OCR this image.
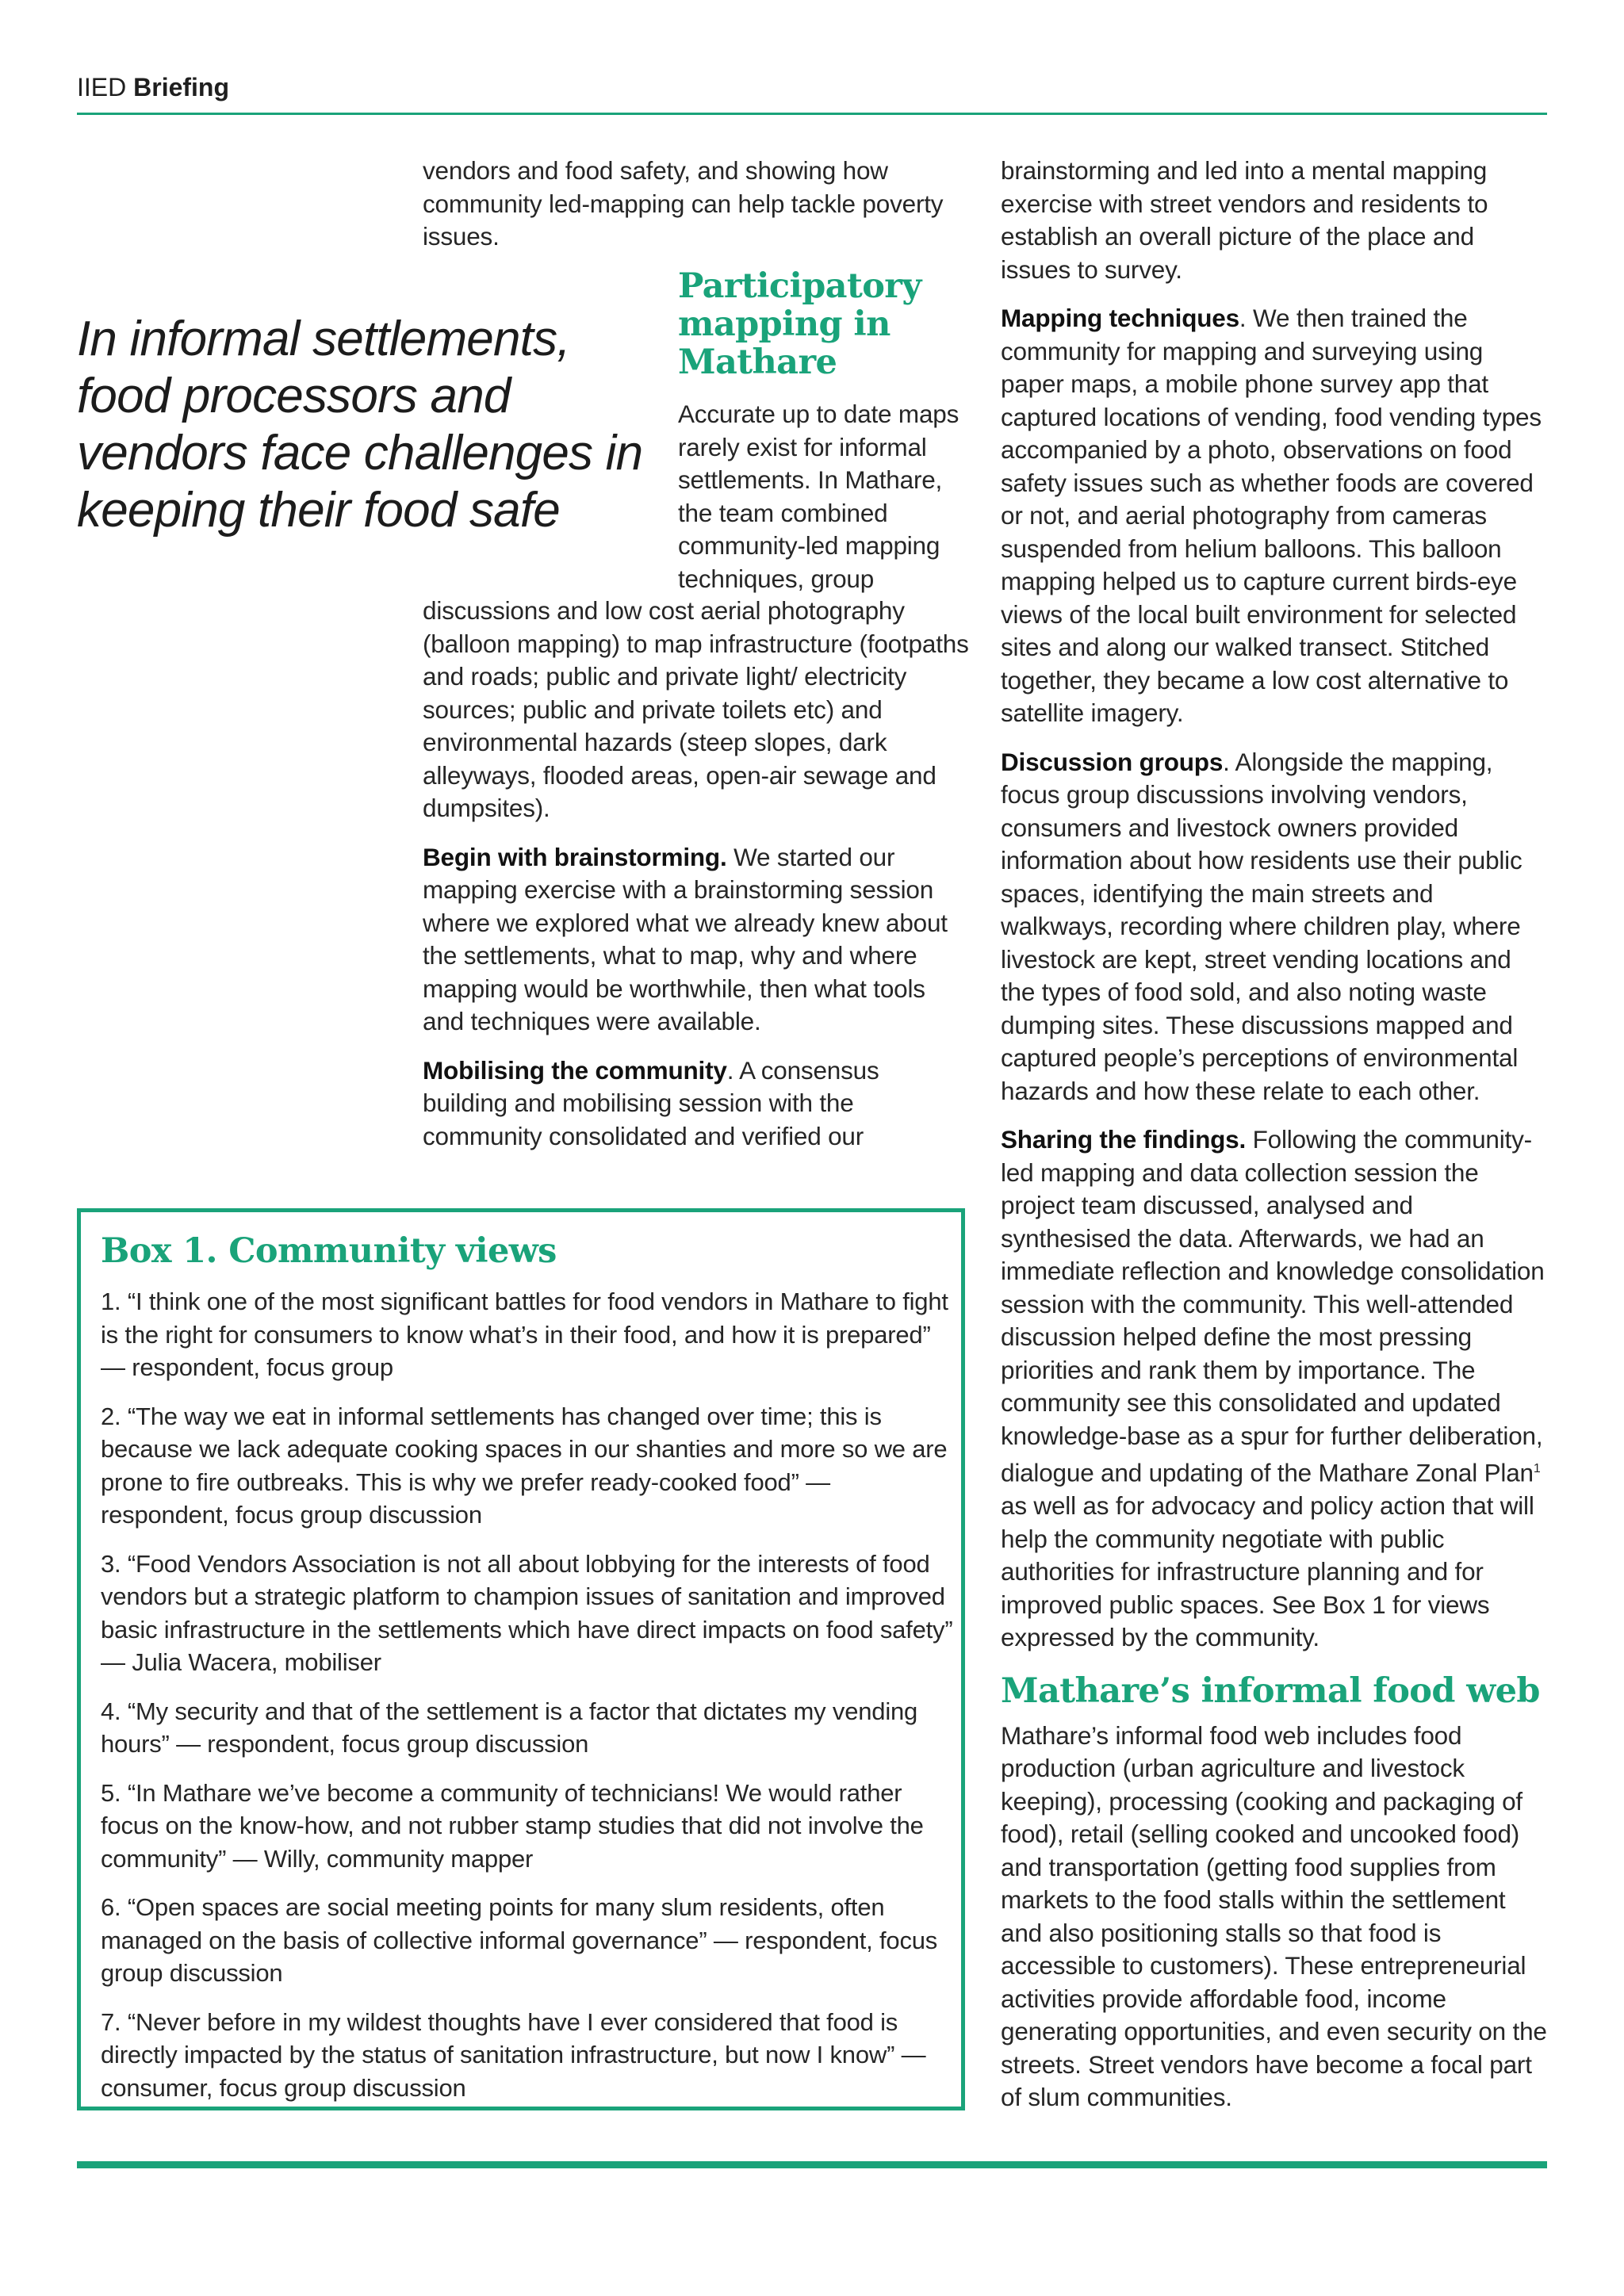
IIED Briefing
In informal settlements, food processors and vendors face challenges in keeping their food safe

vendors and food safety, and showing how community led-mapping can help tackle poverty issues.

Participatory mapping in Mathare

Accurate up to date maps rarely exist for informal settlements. In Mathare, the team combined community-led mapping techniques, group

discussions and low cost aerial photography (balloon mapping) to map infrastructure (footpaths and roads; public and private light/ electricity sources; public and private toilets etc) and environmental hazards (steep slopes, dark alleyways, flooded areas, open-air sewage and dumpsites).

Begin with brainstorming. We started our mapping exercise with a brainstorming session where we explored what we already knew about the settlements, what to map, why and where mapping would be worthwhile, then what tools and techniques were available.

Mobilising the community. A consensus building and mobilising session with the community consolidated and verified our

brainstorming and led into a mental mapping exercise with street vendors and residents to establish an overall picture of the place and issues to survey.

Mapping techniques. We then trained the community for mapping and surveying using paper maps, a mobile phone survey app that captured locations of vending, food vending types accompanied by a photo, observations on food safety issues such as whether foods are covered or not, and aerial photography from cameras suspended from helium balloons. This balloon mapping helped us to capture current birds-eye views of the local built environment for selected sites and along our walked transect. Stitched together, they became a low cost alternative to satellite imagery.

Discussion groups. Alongside the mapping, focus group discussions involving vendors, consumers and livestock owners provided information about how residents use their public spaces, identifying the main streets and walkways, recording where children play, where livestock are kept, street vending locations and the types of food sold, and also noting waste dumping sites. These discussions mapped and captured people’s perceptions of environmental hazards and how these relate to each other.

Sharing the findings. Following the community-led mapping and data collection session the project team discussed, analysed and synthesised the data. Afterwards, we had an immediate reflection and knowledge consolidation session with the community. This well-attended discussion helped define the most pressing priorities and rank them by importance. The community see this consolidated and updated knowledge-base as a spur for further deliberation, dialogue and updating of the Mathare Zonal Plan$^1$ as well as for advocacy and policy action that will help the community negotiate with public authorities for infrastructure planning and for improved public spaces. See Box 1 for views expressed by the community.

Mathare’s informal food web

Mathare’s informal food web includes food production (urban agriculture and livestock keeping), processing (cooking and packaging of food), retail (selling cooked and uncooked food) and transportation (getting food supplies from markets to the food stalls within the settlement and also positioning stalls so that food is accessible to customers). These entrepreneurial activities provide affordable food, income generating opportunities, and even security on the streets. Street vendors have become a focal part of slum communities.

Box 1. Community views

1. “I think one of the most significant battles for food vendors in Mathare to fight is the right for consumers to know what’s in their food, and how it is prepared” — respondent, focus group

2. “The way we eat in informal settlements has changed over time; this is because we lack adequate cooking spaces in our shanties and more so we are prone to fire outbreaks. This is why we prefer ready-cooked food” — respondent, focus group discussion

3. “Food Vendors Association is not all about lobbying for the interests of food vendors but a strategic platform to champion issues of sanitation and improved basic infrastructure in the settlements which have direct impacts on food safety” — Julia Wacera, mobiliser

4. “My security and that of the settlement is a factor that dictates my vending hours” — respondent, focus group discussion

5. “In Mathare we’ve become a community of technicians! We would rather focus on the know-how, and not rubber stamp studies that did not involve the community” — Willy, community mapper

6. “Open spaces are social meeting points for many slum residents, often managed on the basis of collective informal governance” — respondent, focus group discussion

7. “Never before in my wildest thoughts have I ever considered that food is directly impacted by the status of sanitation infrastructure, but now I know” — consumer, focus group discussion
